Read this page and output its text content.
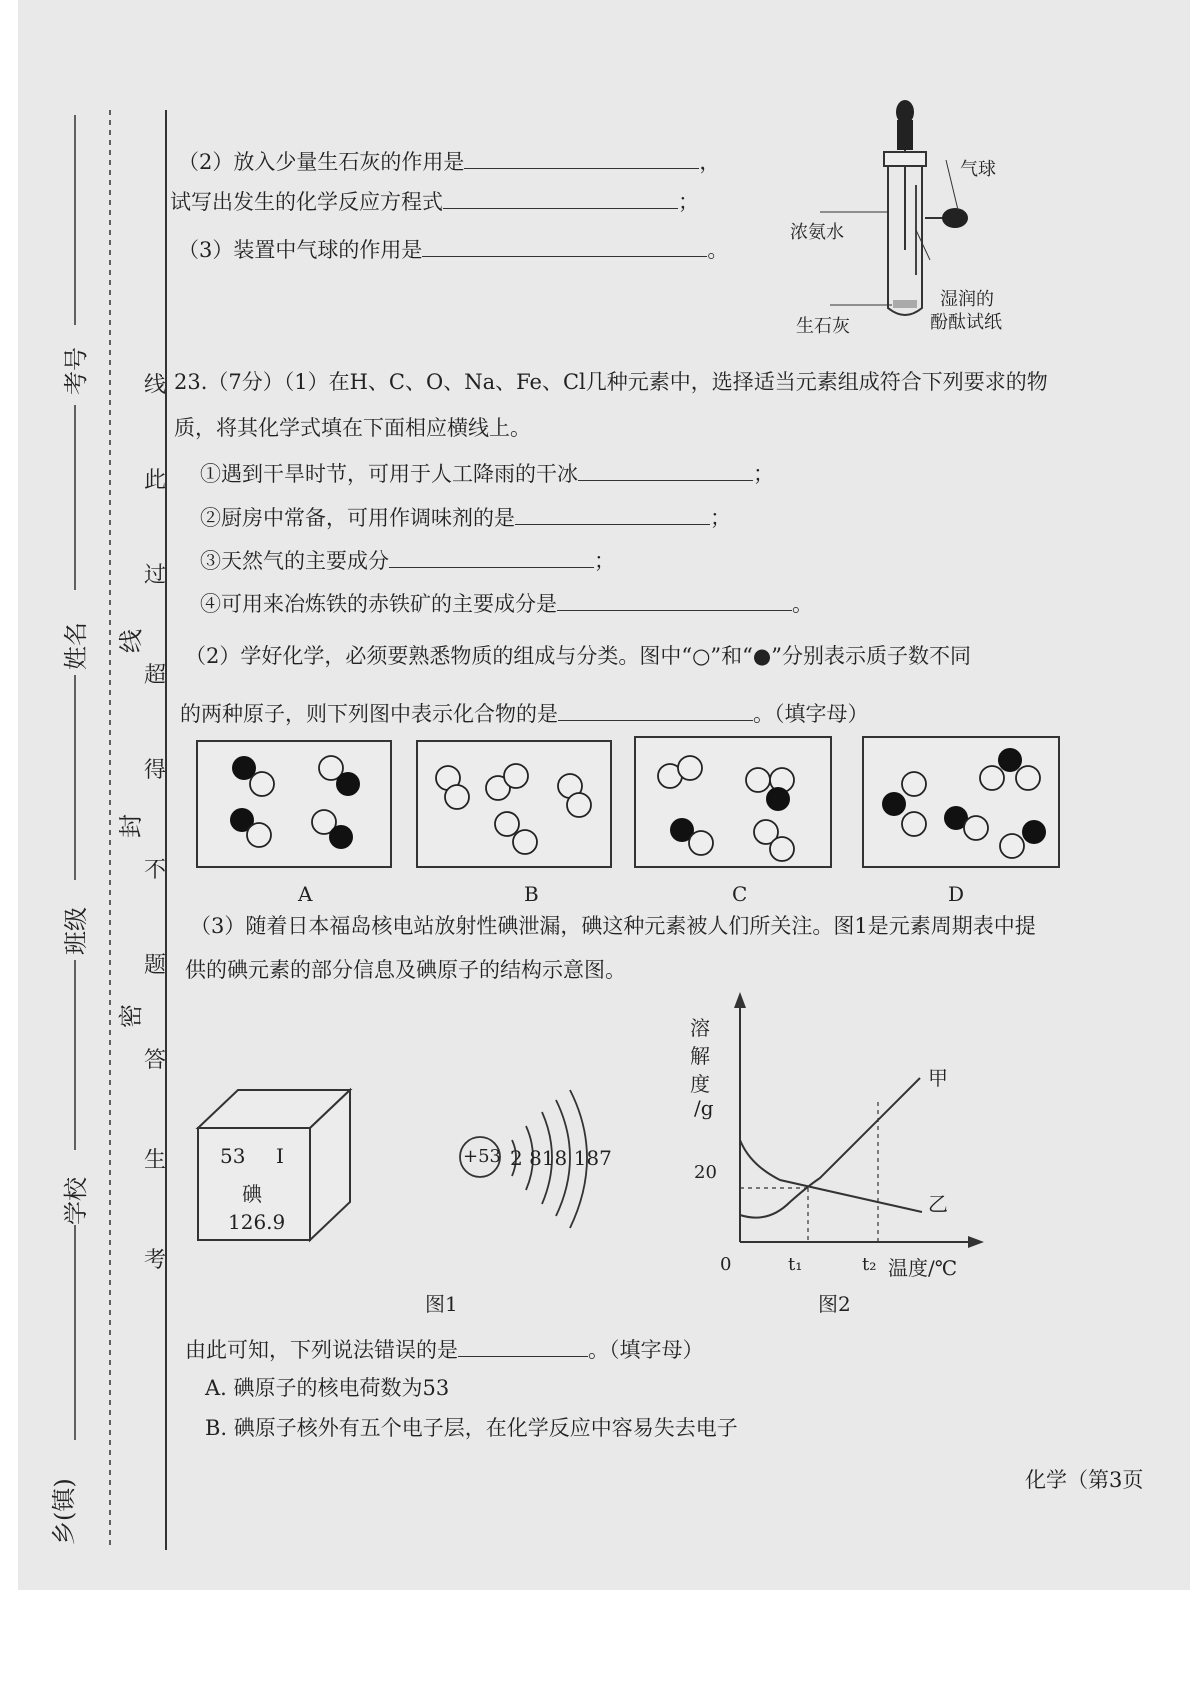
考号
姓名
班级
学校
乡(镇)
线
封
密
线
此
过
超
得
不
题
答
生
考
（2）放入少量生石灰的作用是	，
试写出发生的化学反应方程式	；
（3）装置中气球的作用是	。
气球
浓氨水
湿润的
酚酞试纸
生石灰
23.（7分）（1）在H、C、O、Na、Fe、Cl几种元素中，选择适当元素组成符合下列要求的物
质，将其化学式填在下面相应横线上。
①遇到干旱时节，可用于人工降雨的干冰	；
②厨房中常备，可用作调味剂的是	；
③天然气的主要成分	；
④可用来冶炼铁的赤铁矿的主要成分是	。
（2）学好化学，必须要熟悉物质的组成与分类。图中“○”和“●”分别表示质子数不同
的两种原子，则下列图中表示化合物的是	。（填字母）
A	B	C	D
（3）随着日本福岛核电站放射性碘泄漏，碘这种元素被人们所关注。图1是元素周期表中提
供的碘元素的部分信息及碘原子的结构示意图。
53 I
碘
126.9
+53 2 818 187
图1
溶
解
度
/g
20
0	t₁	t₂ 温度/℃
甲
乙
图2
由此可知，下列说法错误的是	。（填字母）
A. 碘原子的核电荷数为53
B. 碘原子核外有五个电子层，在化学反应中容易失去电子
化学（第3页
